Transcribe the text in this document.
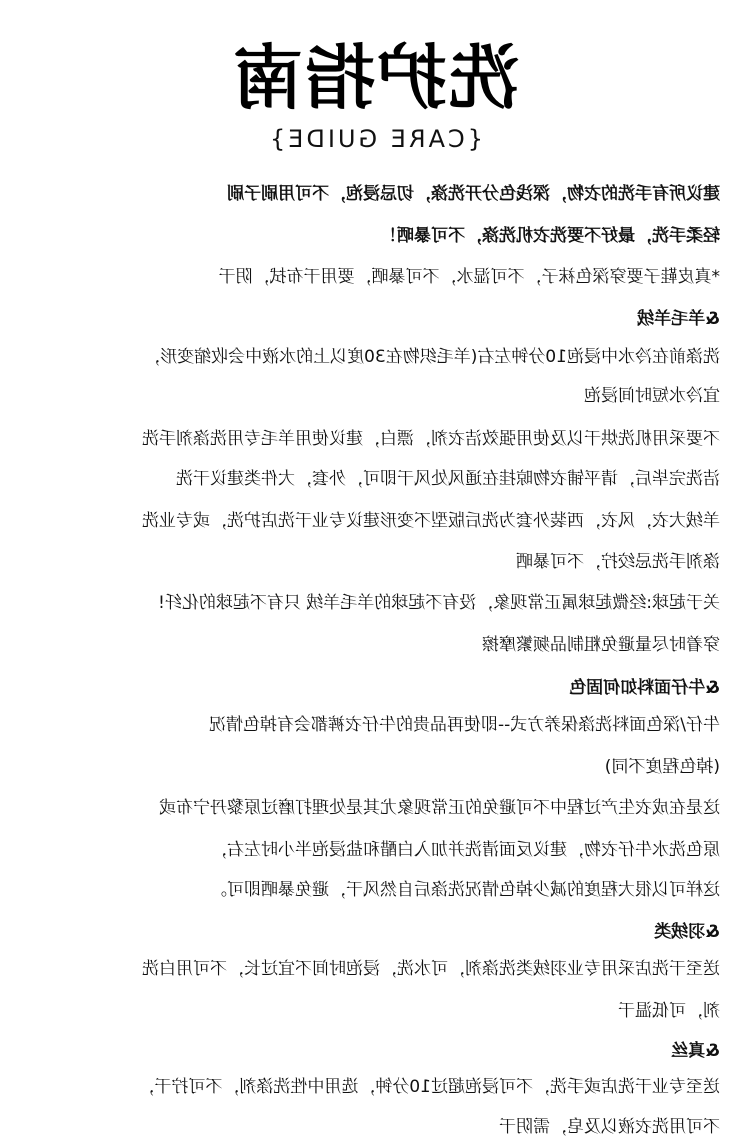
洗护指南
{CARE GUIDE}
建议所有手洗的衣物，深浅色分开洗涤，切忌浸泡，不可用刷子刷
轻柔手洗，最好不要洗衣机洗涤，不可暴晒！
*真皮鞋子要穿深色袜子，不可湿水，不可暴晒，要用干布拭，阴干
&羊毛羊绒
洗涤前在冷水中浸泡10分钟左右(羊毛织物在30度以上的水液中会收缩变形，
宜冷水短时间浸泡
不要采用机洗烘干以及使用强效洁衣剂，漂白，建议使用羊毛专用洗涤剂手洗
洁洗完毕后，请平铺衣物晾挂在通风处风干即可，外套，大件类建议干洗
羊绒大衣，风衣，西装外套为洗后版型不变形建议专业干洗店护洗，或专业洗
涤剂手洗忌绞拧，不可暴晒
关于起球:经微起球属正常现象，没有不起球的羊毛羊绒 只有不起球的化纤!
穿着时尽量避免粗制品频繁摩擦
&牛仔面料如何固色
牛仔/深色面料洗涤保养方式--即使再品贵的牛仔衣裤都会有掉色情况
(掉色程度不同)
这是在成衣生产过程中不可避免的正常现象尤其是处理打磨过原黎丹宁布或
原色洗水牛仔衣物，建议反面清洗并加入白醋和盐浸泡半小时左右，
这样可以很大程度的减少掉色情况洗涤后自然风干，避免暴晒即可。
&羽绒类
送至干洗店采用专业羽绒类洗涤剂，可水洗，浸泡时间不宜过长，不可用白洗
剂，可低温干
&真丝
送至专业干洗店或手洗，不可浸泡超过10分钟，选用中性洗涤剂，不可拧干，
不可用洗衣液以及皂，需阴干
